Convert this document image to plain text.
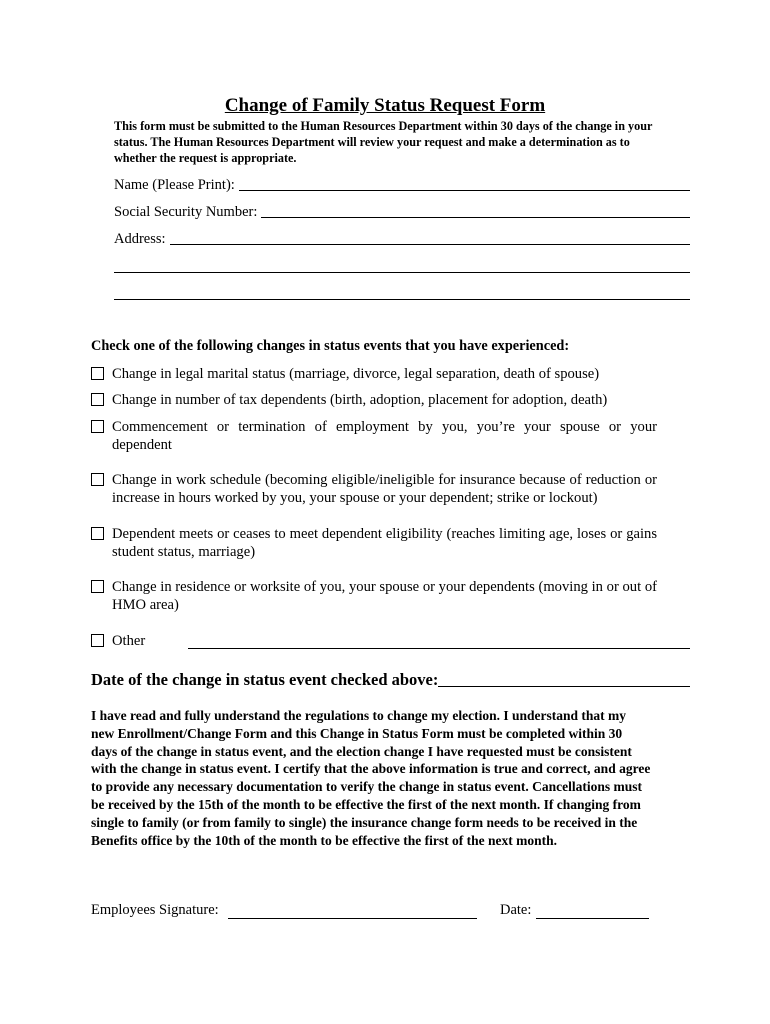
Change of Family Status Request Form
This form must be submitted to the Human Resources Department within 30 days of the change in your status. The Human Resources Department will review your request and make a determination as to whether the request is appropriate.
Name (Please Print):
Social Security Number:
Address:
Check one of the following changes in status events that you have experienced:
Change in legal marital status (marriage, divorce, legal separation, death of spouse)
Change in number of tax dependents (birth, adoption, placement for adoption, death)
Commencement or termination of employment by you, you’re your spouse or your dependent
Change in work schedule (becoming eligible/ineligible for insurance because of reduction or increase in hours worked by you, your spouse or your dependent; strike or lockout)
Dependent meets or ceases to meet dependent eligibility (reaches limiting age, loses or gains student status, marriage)
Change in residence or worksite of you, your spouse or your dependents (moving in or out of HMO area)
Other
Date of the change in status event checked above:
I have read and fully understand the regulations to change my election. I understand that my new Enrollment/Change Form and this Change in Status Form must be completed within 30 days of the change in status event, and the election change I have requested must be consistent with the change in status event. I certify that the above information is true and correct, and agree to provide any necessary documentation to verify the change in status event. Cancellations must be received by the 15th of the month to be effective the first of the next month. If changing from single to family (or from family to single) the insurance change form needs to be received in the Benefits office by the 10th of the month to be effective the first of the next month.
Employees Signature:	Date:
